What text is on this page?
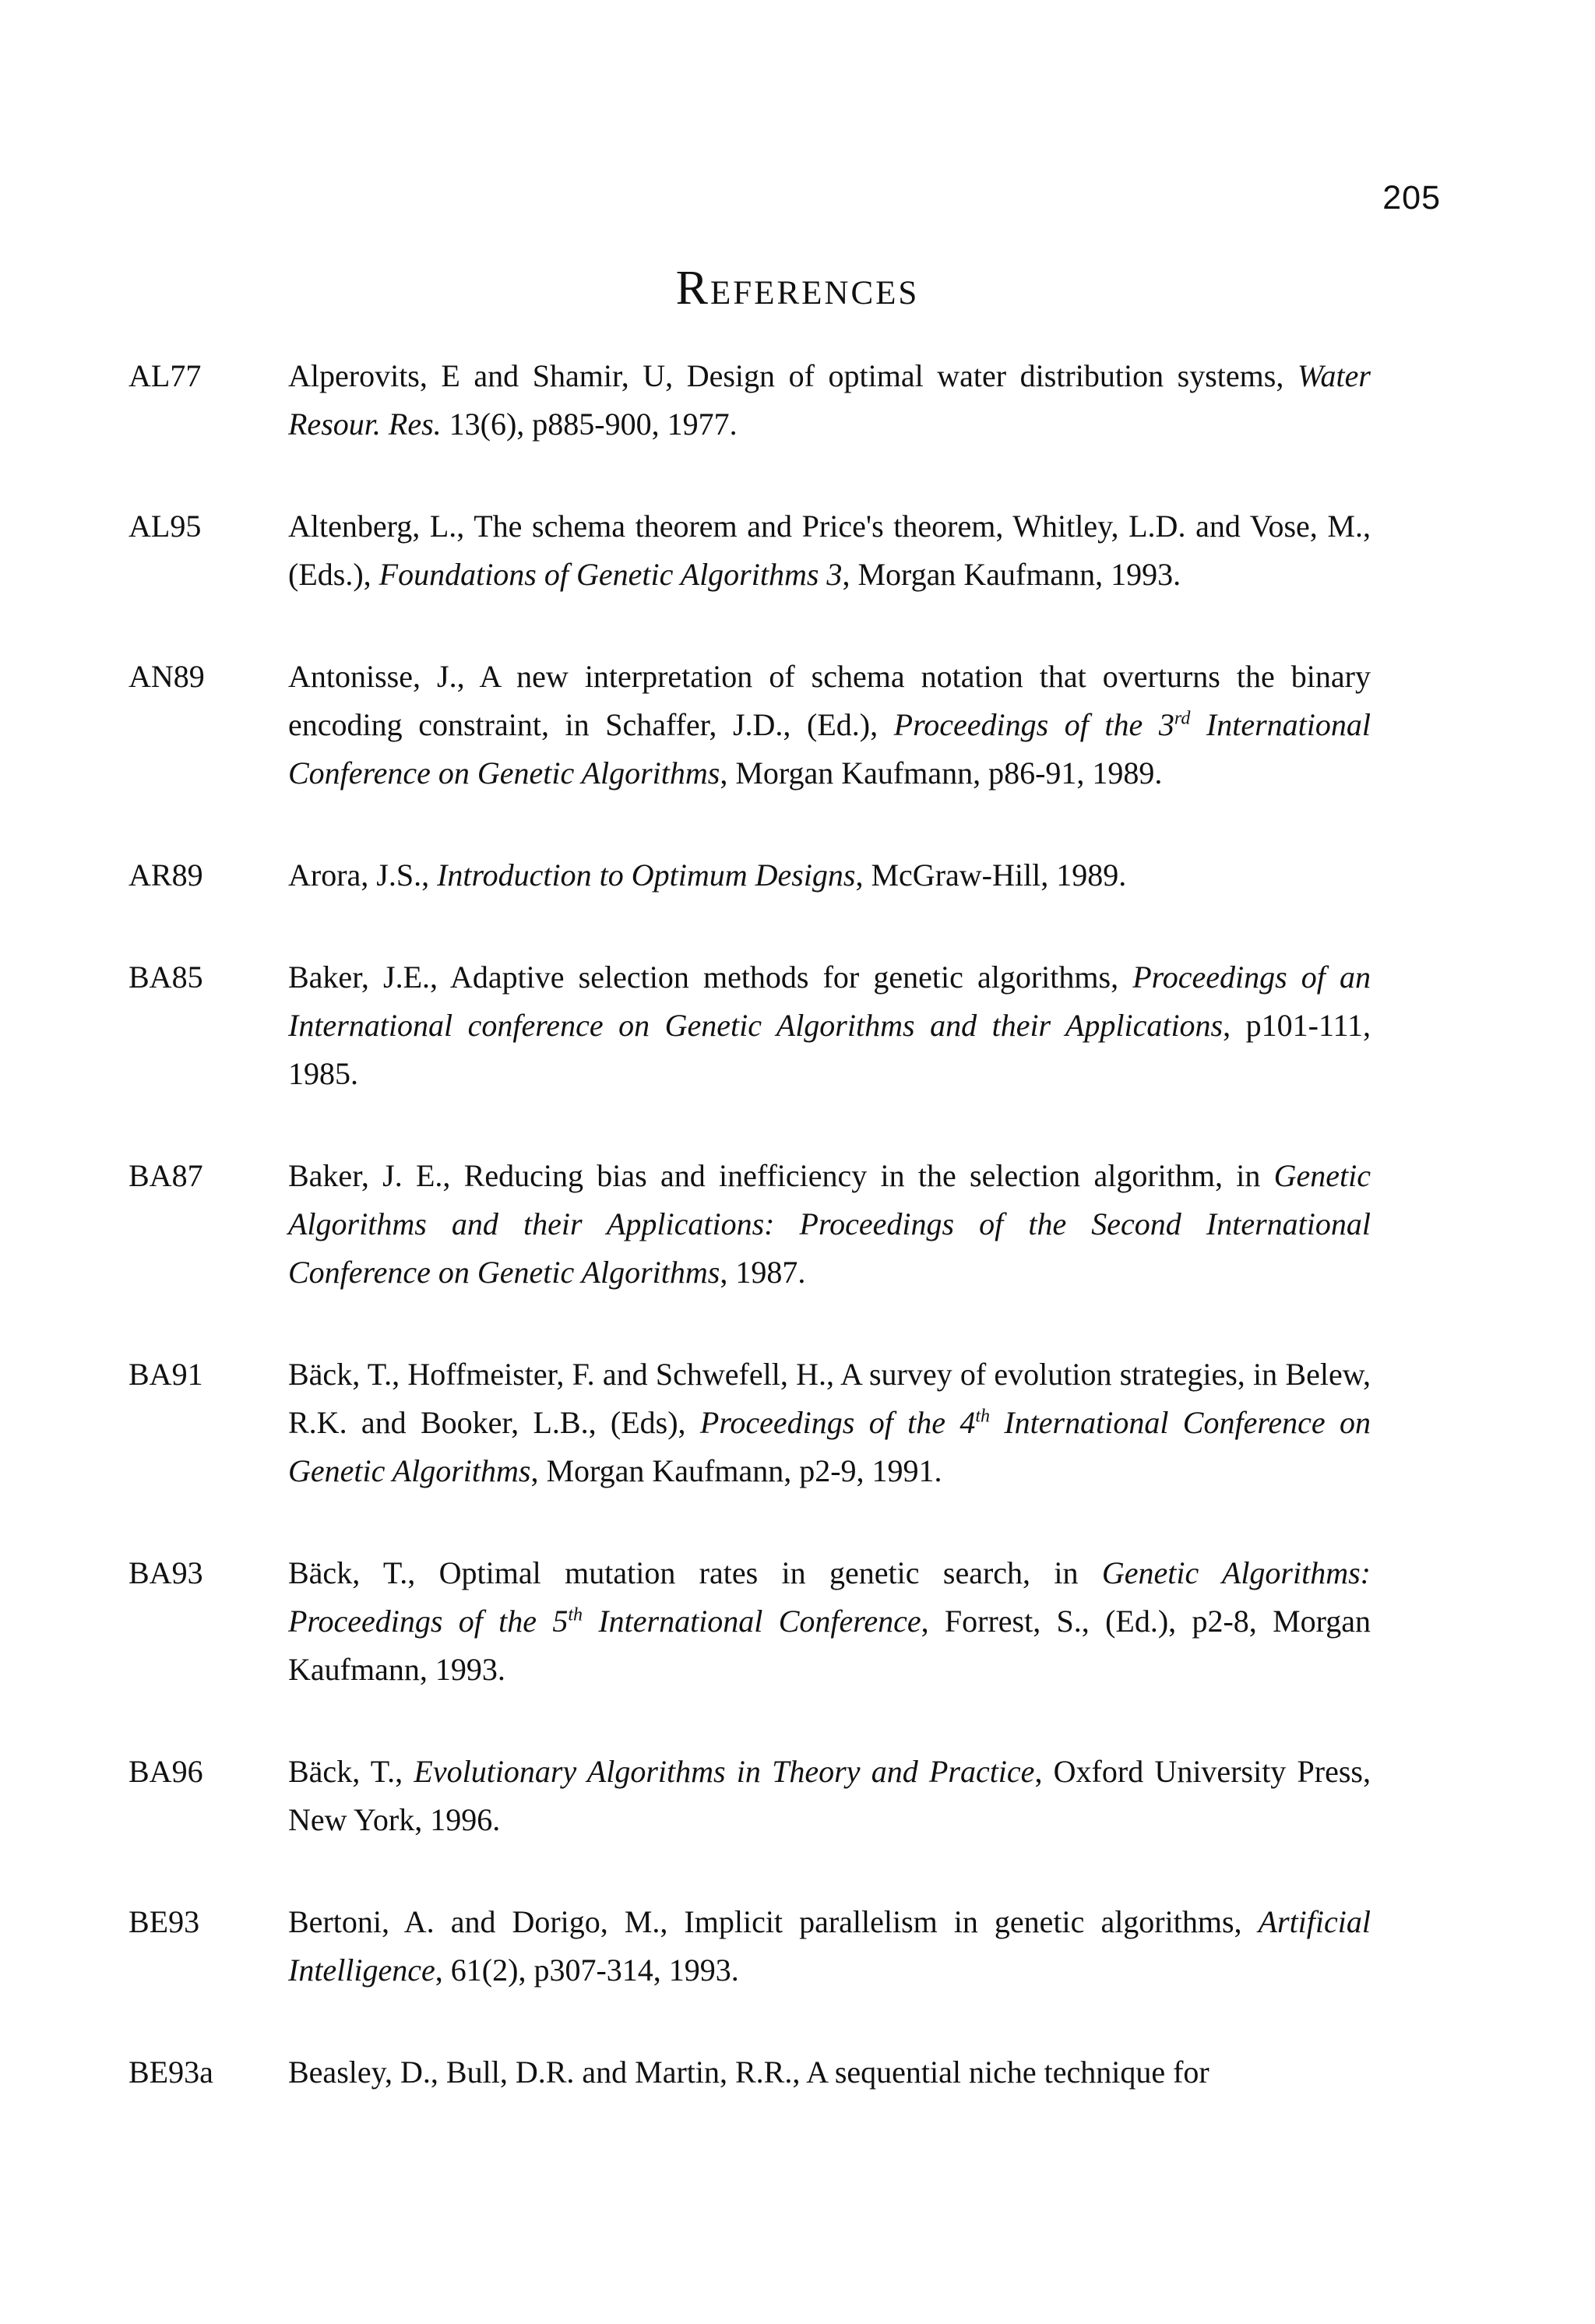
205
References
AL77	Alperovits, E and Shamir, U, Design of optimal water distribution systems, Water Resour. Res. 13(6), p885-900, 1977.
AL95	Altenberg, L., The schema theorem and Price's theorem, Whitley, L.D. and Vose, M., (Eds.), Foundations of Genetic Algorithms 3, Morgan Kaufmann, 1993.
AN89	Antonisse, J., A new interpretation of schema notation that overturns the binary encoding constraint, in Schaffer, J.D., (Ed.), Proceedings of the 3rd International Conference on Genetic Algorithms, Morgan Kaufmann, p86-91, 1989.
AR89	Arora, J.S., Introduction to Optimum Designs, McGraw-Hill, 1989.
BA85	Baker, J.E., Adaptive selection methods for genetic algorithms, Proceedings of an International conference on Genetic Algorithms and their Applications, p101-111, 1985.
BA87	Baker, J. E., Reducing bias and inefficiency in the selection algorithm, in Genetic Algorithms and their Applications: Proceedings of the Second International Conference on Genetic Algorithms, 1987.
BA91	Bäck, T., Hoffmeister, F. and Schwefell, H., A survey of evolution strategies, in Belew, R.K. and Booker, L.B., (Eds), Proceedings of the 4th International Conference on Genetic Algorithms, Morgan Kaufmann, p2-9, 1991.
BA93	Bäck, T., Optimal mutation rates in genetic search, in Genetic Algorithms: Proceedings of the 5th International Conference, Forrest, S., (Ed.), p2-8, Morgan Kaufmann, 1993.
BA96	Bäck, T., Evolutionary Algorithms in Theory and Practice, Oxford University Press, New York, 1996.
BE93	Bertoni, A. and Dorigo, M., Implicit parallelism in genetic algorithms, Artificial Intelligence, 61(2), p307-314, 1993.
BE93a Beasley, D., Bull, D.R. and Martin, R.R., A sequential niche technique for
